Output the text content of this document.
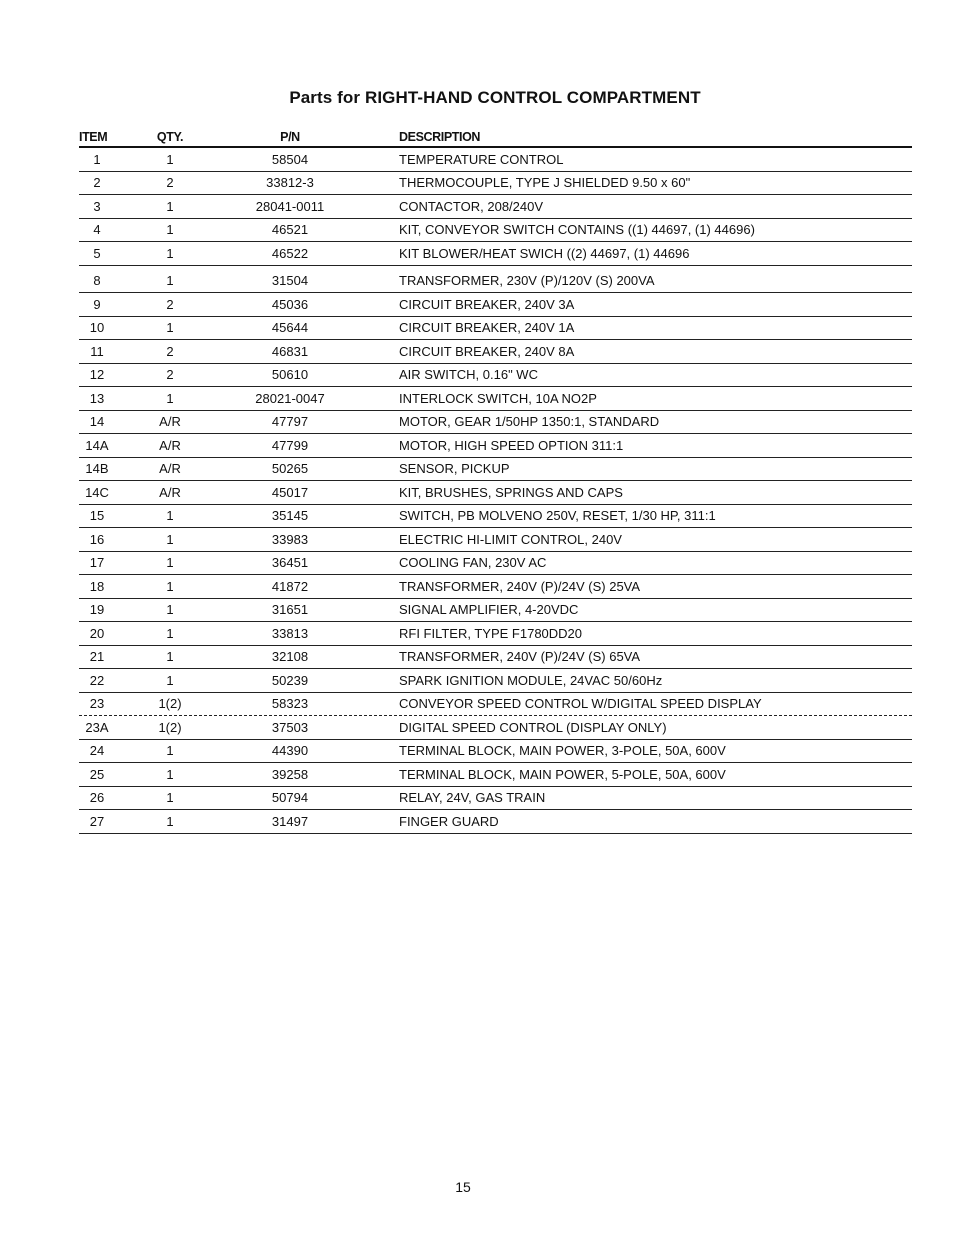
Parts for RIGHT-HAND CONTROL COMPARTMENT
ITEM	QTY.	P/N	DESCRIPTION
1	1	58504	TEMPERATURE CONTROL
2	2	33812-3	THERMOCOUPLE, TYPE J SHIELDED 9.50 x 60"
3	1	28041-0011	CONTACTOR, 208/240V
4	1	46521	KIT, CONVEYOR SWITCH CONTAINS ((1) 44697, (1) 44696)
5	1	46522	KIT BLOWER/HEAT SWICH ((2) 44697, (1) 44696
8	1	31504	TRANSFORMER, 230V (P)/120V (S) 200VA
9	2	45036	CIRCUIT BREAKER, 240V 3A
10	1	45644	CIRCUIT BREAKER, 240V 1A
11	2	46831	CIRCUIT BREAKER, 240V 8A
12	2	50610	AIR SWITCH, 0.16" WC
13	1	28021-0047	INTERLOCK SWITCH, 10A NO2P
14	A/R	47797	MOTOR, GEAR 1/50HP 1350:1, STANDARD
14A	A/R	47799	MOTOR, HIGH SPEED OPTION 311:1
14B	A/R	50265	SENSOR, PICKUP
14C	A/R	45017	KIT, BRUSHES, SPRINGS AND CAPS
15	1	35145	SWITCH, PB MOLVENO 250V, RESET, 1/30 HP, 311:1
16	1	33983	ELECTRIC HI-LIMIT CONTROL, 240V
17	1	36451	COOLING FAN, 230V AC
18	1	41872	TRANSFORMER, 240V (P)/24V (S) 25VA
19	1	31651	SIGNAL AMPLIFIER, 4-20VDC
20	1	33813	RFI FILTER, TYPE F1780DD20
21	1	32108	TRANSFORMER, 240V (P)/24V (S) 65VA
22	1	50239	SPARK IGNITION MODULE, 24VAC 50/60Hz
23	1(2)	58323	CONVEYOR SPEED CONTROL W/DIGITAL SPEED DISPLAY
23A	1(2)	37503	DIGITAL SPEED CONTROL (DISPLAY ONLY)
24	1	44390	TERMINAL BLOCK, MAIN POWER, 3-POLE, 50A, 600V
25	1	39258	TERMINAL BLOCK, MAIN POWER, 5-POLE, 50A, 600V
26	1	50794	RELAY, 24V, GAS TRAIN
27	1	31497	FINGER GUARD
15
